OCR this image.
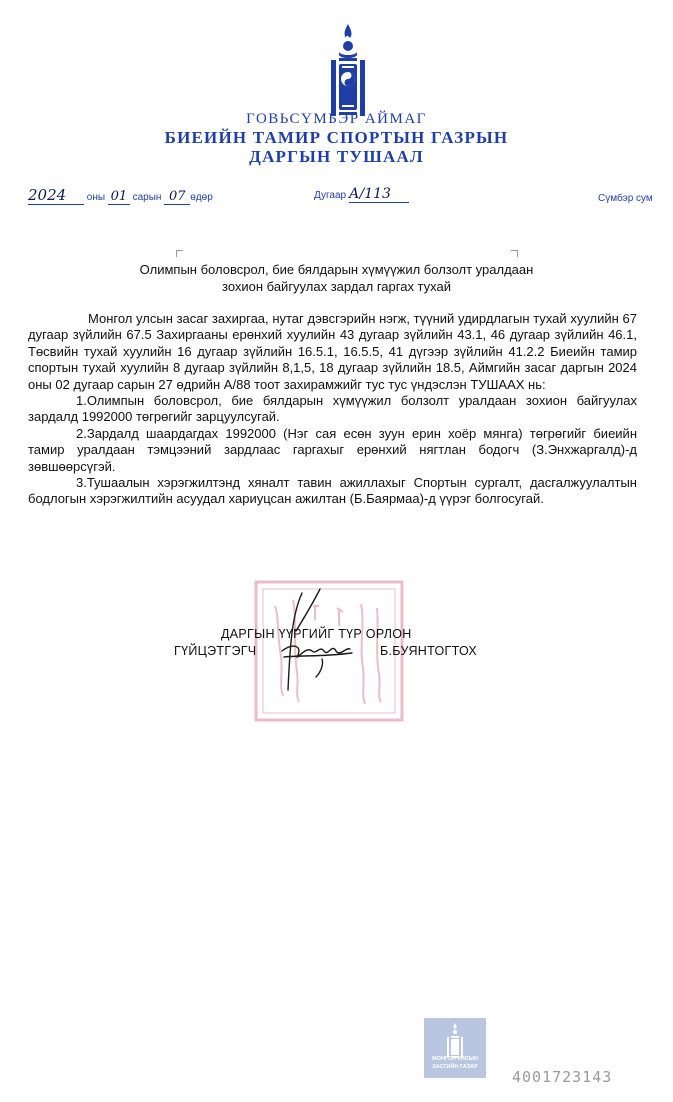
ГОВЬСҮМБЭР АЙМАГ
БИЕИЙН ТАМИР СПОРТЫН ГАЗРЫН
ДАРГЫН ТУШААЛ
2024 оны 01 сарын 07 өдөр	Дугаар А/113	Сүмбэр сум
Олимпын боловсрол, бие бялдарын хүмүүжил болзолт уралдаан
зохион байгуулах зардал гаргах тухай

Монгол улсын засаг захиргаа, нутаг дэвсгэрийн нэгж, түүний удирдлагын тухай хуулийн 67 дугаар зүйлийн 67.5 Захиргааны ерөнхий хуулийн 43 дугаар зүйлийн 43.1, 46 дугаар зүйлийн 46.1, Төсвийн тухай хуулийн 16 дугаар зүйлийн 16.5.1, 16.5.5, 41 дүгээр зүйлийн 41.2.2 Биеийн тамир спортын тухай хуулийн 8 дугаар зүйлийн 8,1,5, 18 дугаар зүйлийн 18.5, Аймгийн засаг даргын 2024 оны 02 дугаар сарын 27 өдрийн А/88 тоот захирамжийг тус тус үндэслэн ТУШААХ нь:

1.Олимпын боловсрол, бие бялдарын хүмүүжил болзолт уралдаан зохион байгуулах зардалд 1992000 төгрөгийг зарцуулсугай.

2.Зардалд шаардагдах 1992000 (Нэг сая есөн зуун ерин хоёр мянга) төгрөгийг биеийн тамир уралдаан тэмцээний зардлаас гаргахыг ерөнхий нягтлан бодогч (З.Энхжаргалд)-д зөвшөөрсүгэй.

3.Тушаалын хэрэгжилтэнд хяналт тавин ажиллахыг Спортын сургалт, дасгалжуулалтын бодлогын хэрэгжилтийн асуудал хариуцсан ажилтан (Б.Баярмаа)-д үүрэг болгосугай.

ДАРГЫН ҮҮРГИЙГ ТҮР ОРЛОН
ГҮЙЦЭТГЭГЧ	Б.БУЯНТОГТОХ
МОНГОЛ УЛСЫН
ЗАСГИЙН ГАЗАР
4001723143
